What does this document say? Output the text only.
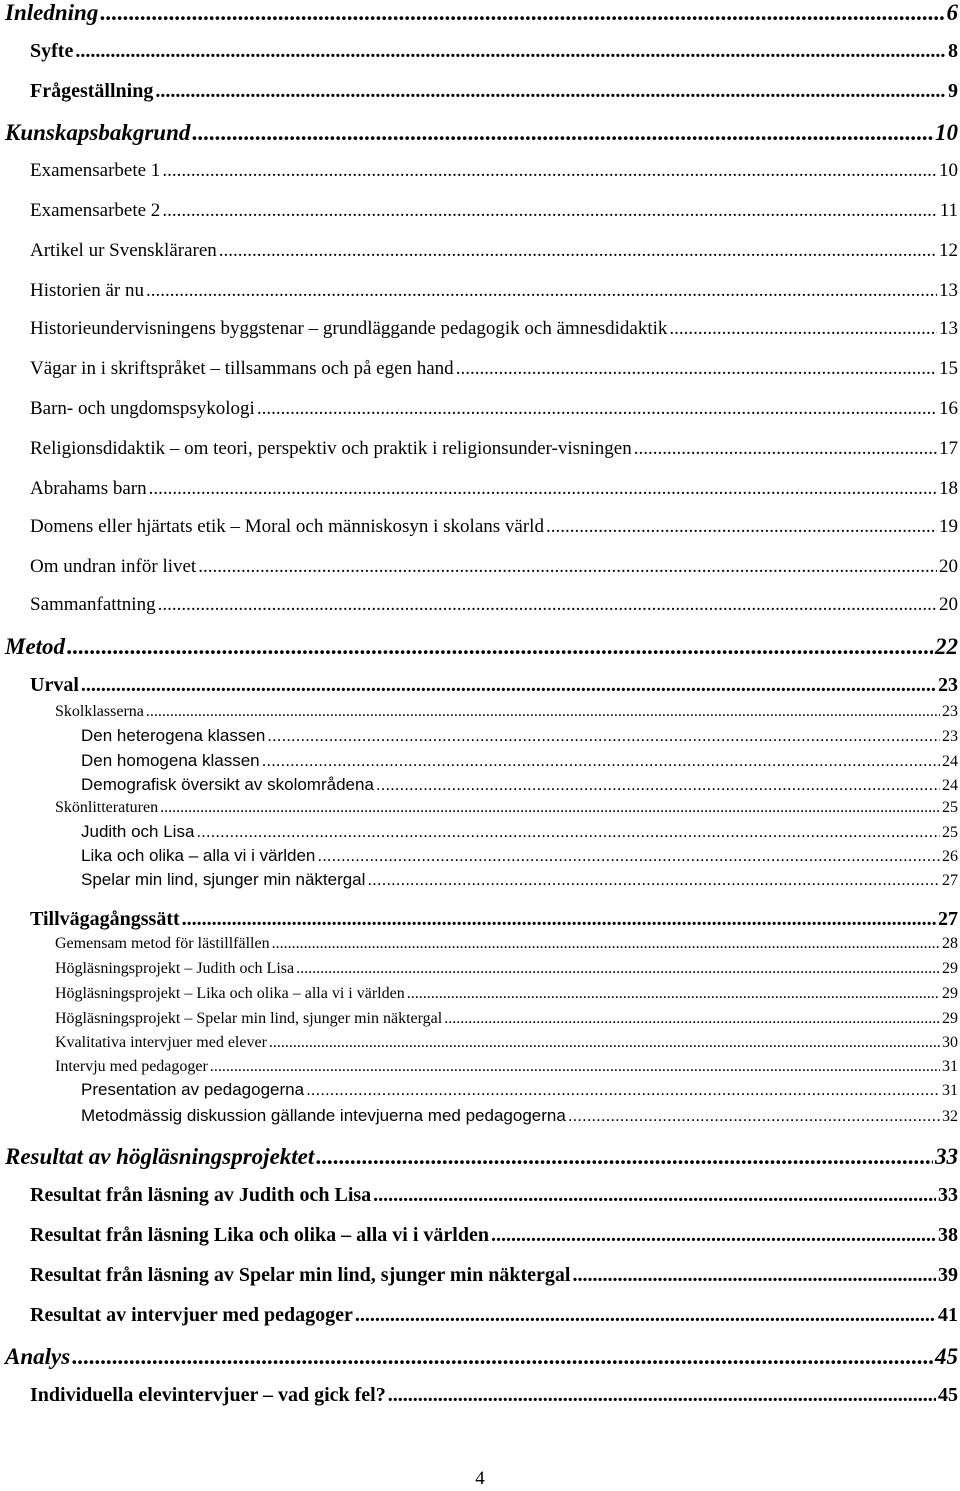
Inledning .....	6
Syfte .....	8
Frågeställning .....	9
Kunskapsbakgrund .....	10
Examensarbete 1 .....	10
Examensarbete 2 .....	11
Artikel ur Svenskläraren .....	12
Historien är nu .....	13
Historieundervisningens byggstenar – grundläggande pedagogik och ämnesdidaktik .....	13
Vägar in i skriftspråket – tillsammans och på egen hand .....	15
Barn- och ungdomspsykologi .....	16
Religionsdidaktik – om teori, perspektiv och praktik i religionsunder-visningen .....	17
Abrahams barn .....	18
Domens eller hjärtats etik – Moral och människosyn i skolans värld .....	19
Om undran inför livet .....	20
Sammanfattning .....	20
Metod .....	22
Urval .....	23
Skolklasserna .....	23
Den heterogena klassen .....	23
Den homogena klassen .....	24
Demografisk översikt av skolområdena .....	24
Skönlitteraturen .....	25
Judith och Lisa .....	25
Lika och olika – alla vi i världen .....	26
Spelar min lind, sjunger min näktergal .....	27
Tillvägagångssätt .....	27
Gemensam metod för lästillfällen .....	28
Högläsningsprojekt – Judith och Lisa .....	29
Högläsningsprojekt – Lika och olika – alla vi i världen .....	29
Högläsningsprojekt – Spelar min lind, sjunger min näktergal .....	29
Kvalitativa intervjuer med elever .....	30
Intervju med pedagoger .....	31
Presentation av pedagogerna .....	31
Metodmässig diskussion gällande intevjuerna med pedagogerna .....	32
Resultat av högläsningsprojektet .....	33
Resultat från läsning av Judith och Lisa .....	33
Resultat från läsning Lika och olika – alla vi i världen .....	38
Resultat från läsning av Spelar min lind, sjunger min näktergal .....	39
Resultat av intervjuer med pedagoger .....	41
Analys .....	45
Individuella elevintervjuer – vad gick fel? .....	45
4
